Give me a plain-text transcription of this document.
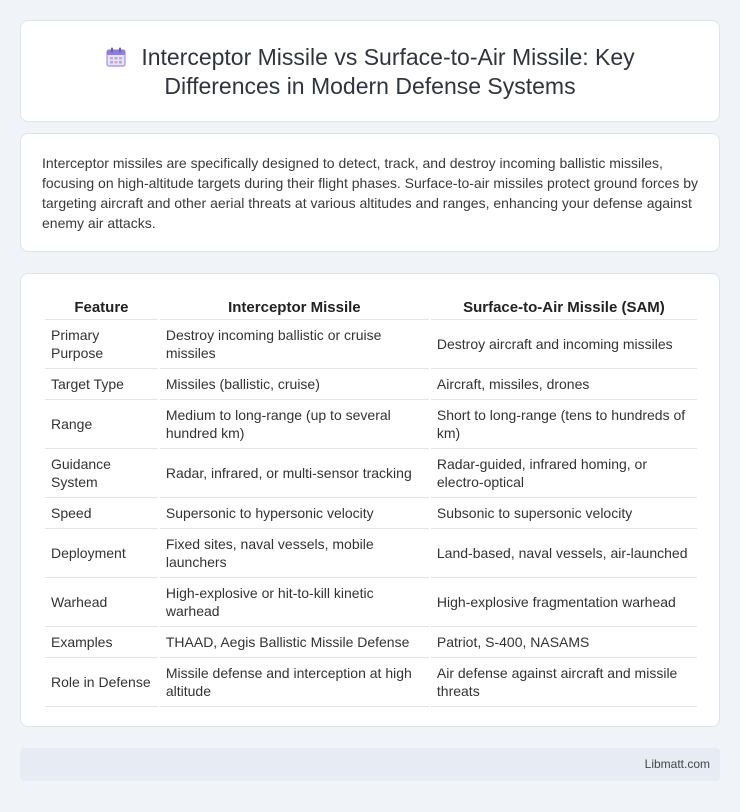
Interceptor Missile vs Surface-to-Air Missile: Key Differences in Modern Defense Systems

Interceptor missiles are specifically designed to detect, track, and destroy incoming ballistic missiles, focusing on high-altitude targets during their flight phases. Surface-to-air missiles protect ground forces by targeting aircraft and other aerial threats at various altitudes and ranges, enhancing your defense against enemy air attacks.

Feature	Interceptor Missile	Surface-to-Air Missile (SAM)
Primary Purpose	Destroy incoming ballistic or cruise missiles	Destroy aircraft and incoming missiles
Target Type	Missiles (ballistic, cruise)	Aircraft, missiles, drones
Range	Medium to long-range (up to several hundred km)	Short to long-range (tens to hundreds of km)
Guidance System	Radar, infrared, or multi-sensor tracking	Radar-guided, infrared homing, or electro-optical
Speed	Supersonic to hypersonic velocity	Subsonic to supersonic velocity
Deployment	Fixed sites, naval vessels, mobile launchers	Land-based, naval vessels, air-launched
Warhead	High-explosive or hit-to-kill kinetic warhead	High-explosive fragmentation warhead
Examples	THAAD, Aegis Ballistic Missile Defense	Patriot, S-400, NASAMS
Role in Defense	Missile defense and interception at high altitude	Air defense against aircraft and missile threats
Libmatt.com
